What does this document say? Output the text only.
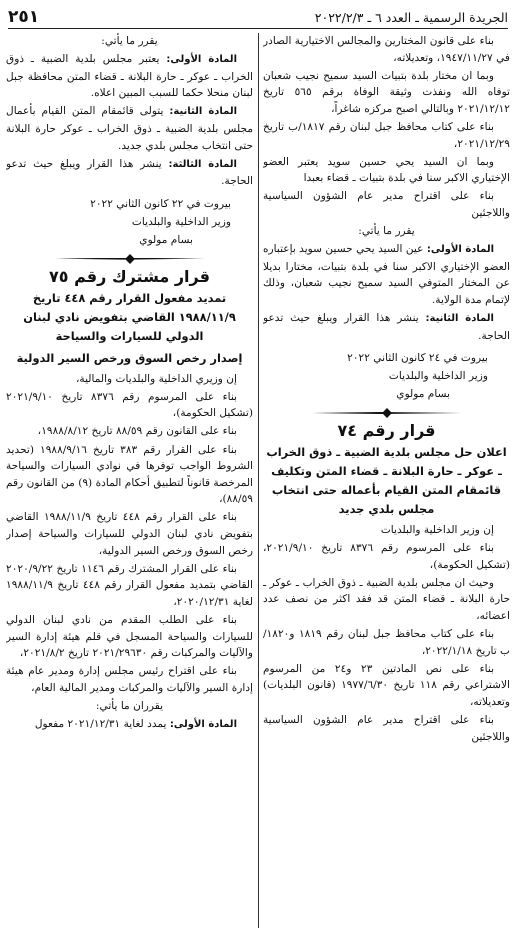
٢٥١	الجريدة الرسمية ـ العدد ٦ ـ ٢٠٢٢/٢/٣

بناء على قانون المختارين والمجالس الاختيارية الصادر في ١٩٤٧/١١/٢٧، وتعديلاته،

وبما ان مختار بلدة بتبيات السيد سميح نجيب شعبان توفاه الله ونفذت وثيقة الوفاة برقم ٥٦٥ تاريخ ٢٠٢١/١٢/١٢ وبالتالي اصبح مركزه شاغراً،

بناء على كتاب محافظ جبل لبنان رقم ١٨١٧/ب تاريخ ٢٠٢١/١٢/٢٩،

وبما ان السيد يحي حسين سويد يعتبر العضو الإختياري الاكبر سنا في بلدة بتبيات ـ قضاء بعبدا

بناء على اقتراح مدير عام الشؤون السياسية واللاجئين

يقرر ما يأتي:

المادة الأولى: عين السيد يحي حسين سويد بإعتباره العضو الإختياري الاكبر سنا في بلدة بتبيات، مختارا بديلا عن المختار المتوفي السيد سميح نجيب شعبان، وذلك لإتمام مدة الولاية.

المادة الثانية: ينشر هذا القرار ويبلغ حيث تدعو الحاجة.

بيروت في ٢٤ كانون الثاني ٢٠٢٢

وزير الداخلية والبلديات

بسام مولوي

قرار رقم ٧٤
اعلان حل مجلس بلدية الضبية ـ ذوق الخراب ـ عوكر ـ حارة البلانة ـ قضاء المتن وتكليف قائمقام المتن القيام بأعماله حتى انتخاب مجلس بلدي جديد

إن وزير الداخلية والبلديات

بناء على المرسوم رقم ٨٣٧٦ تاريخ ٢٠٢١/٩/١٠، (تشكيل الحكومة)،

وحيث ان مجلس بلدية الضبية ـ ذوق الخراب ـ عوكر ـ حارة البلانة ـ قضاء المتن قد فقد اكثر من نصف عدد اعضائه،

بناء على كتاب محافظ جبل لبنان رقم ١٨١٩ و١٨٢٠/ب تاريخ ٢٠٢٢/١/١٨،

بناء على نص المادتين ٢٣ و٢٤ من المرسوم الاشتراعي رقم ١١٨ تاريخ ١٩٧٧/٦/٣٠ (قانون البلديات) وتعديلاته،

بناء على اقتراح مدير عام الشؤون السياسية واللاجئين

يقرر ما يأتي:

المادة الأولى: يعتبر مجلس بلدية الضبية ـ ذوق الخراب ـ عوكر ـ حارة البلانة ـ قضاء المتن محافظة جبل لبنان منحلا حكما للسبب المبين اعلاه.

المادة الثانية: يتولى قائمقام المتن القيام بأعمال مجلس بلدية الضبية ـ ذوق الخراب ـ عوكر حارة البلانة حتى انتخاب مجلس بلدي جديد.

المادة الثالثة: ينشر هذا القرار ويبلغ حيث تدعو الحاجة.

بيروت في ٢٢ كانون الثاني ٢٠٢٢

وزير الداخلية والبلديات

بسام مولوي

قرار مشترك رقم ٧٥
تمديد مفعول القرار رقم ٤٤٨ تاريخ ١٩٨٨/١١/٩ القاضي بتفويض نادي لبنان الدولي للسيارات والسياحة
إصدار رخص السوق ورخص السير الدولية

إن وزيري الداخلية والبلديات والمالية،

بناء على المرسوم رقم ٨٣٧٦ تاريخ ٢٠٢١/٩/١٠ (تشكيل الحكومة)،

بناء على القانون رقم ٨٨/٥٩ تاريخ ١٩٨٨/٨/١٢،

بناء على القرار رقم ٣٨٣ تاريخ ١٩٨٨/٩/١٦ (تحديد الشروط الواجب توفرها في نوادي السيارات والسياحة المرخصة قانوناً لتطبيق أحكام المادة (٩) من القانون رقم ٨٨/٥٩)،

بناء على القرار رقم ٤٤٨ تاريخ ١٩٨٨/١١/٩ القاضي بتفويض نادي لبنان الدولي للسيارات والسياحة إصدار رخص السوق ورخص السير الدولية،

بناء على القرار المشترك رقم ١١٤٦ تاريخ ٢٠٢٠/٩/٢٢ القاضي بتمديد مفعول القرار رقم ٤٤٨ تاريخ ١٩٨٨/١١/٩ لغاية ٢٠٢٠/١٢/٣١،

بناء على الطلب المقدم من نادي لبنان الدولي للسيارات والسياحة المسجل في قلم هيئة إدارة السير والآليات والمركبات رقم ٢٠٢١/٢٩٦٣٠ تاريخ ٢٠٢١/٨/٢،

بناء على اقتراح رئيس مجلس إدارة ومدير عام هيئة إدارة السير والآليات والمركبات ومدير المالية العام،

يقرران ما يأتي:

المادة الأولى: يمدد لغاية ٢٠٢١/١٢/٣١ مفعول
